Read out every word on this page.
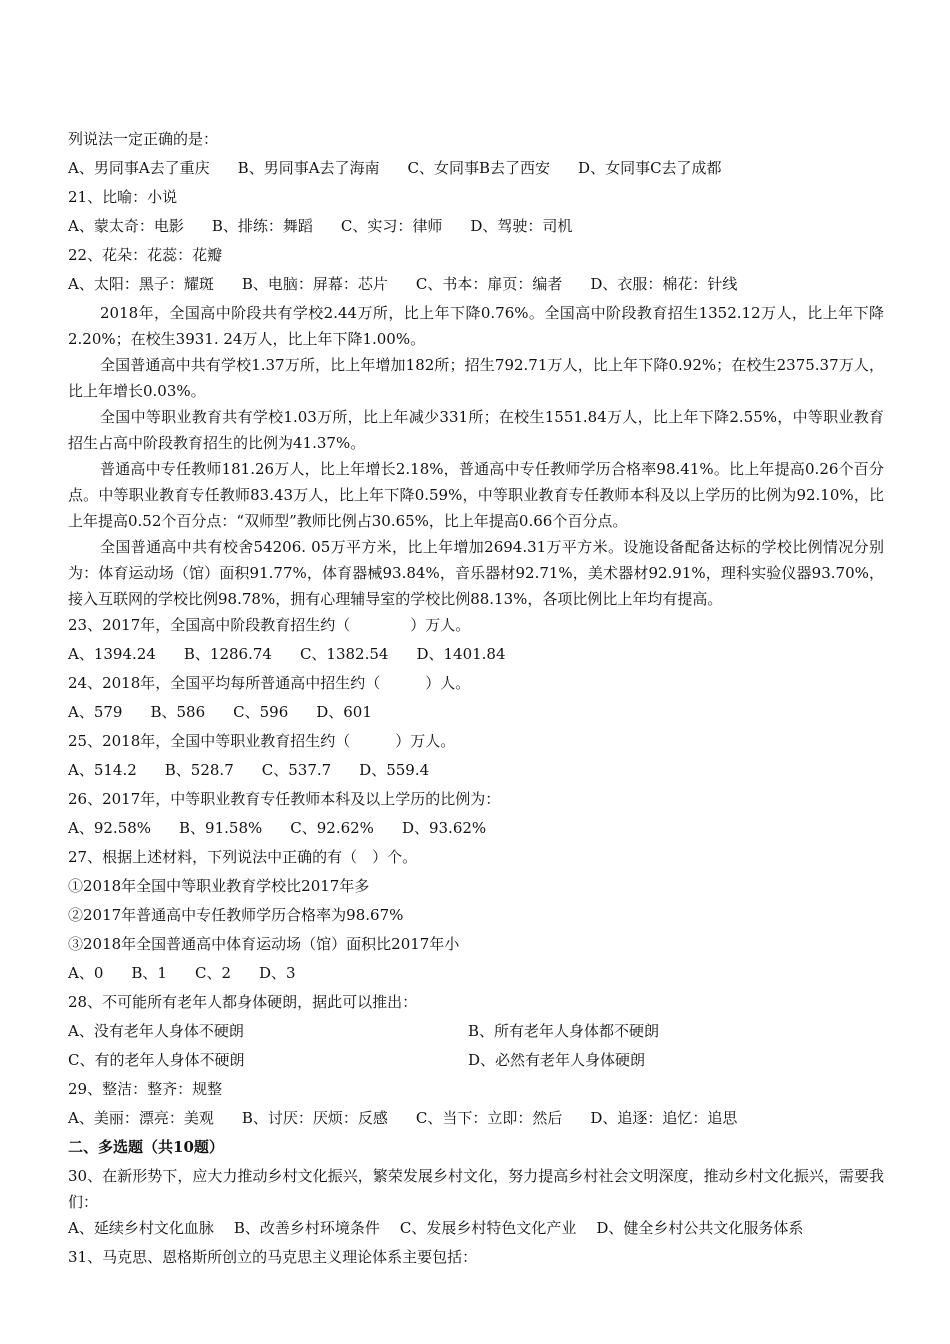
列说法一定正确的是：
A、男同事A去了重庆 B、男同事A去了海南 C、女同事B去了西安 D、女同事C去了成都
21、比喻：小说
A、蒙太奇：电影 B、排练：舞蹈 C、实习：律师 D、驾驶：司机
22、花朵：花蕊：花瓣
A、太阳：黑子：耀斑 B、电脑：屏幕：芯片 C、书本：扉页：编者 D、衣服：棉花：针线
2018年，全国高中阶段共有学校2.44万所，比上年下降0.76%。全国高中阶段教育招生1352.12万人，比上年下降2.20%；在校生3931. 24万人，比上年下降1.00%。
全国普通高中共有学校1.37万所，比上年增加182所；招生792.71万人，比上年下降0.92%；在校生2375.37万人，比上年增长0.03%。
全国中等职业教育共有学校1.03万所，比上年减少331所；在校生1551.84万人，比上年下降2.55%，中等职业教育招生占高中阶段教育招生的比例为41.37%。
普通高中专任教师181.26万人，比上年增长2.18%，普通高中专任教师学历合格率98.41%。比上年提高0.26个百分点。中等职业教育专任教师83.43万人，比上年下降0.59%，中等职业教育专任教师本科及以上学历的比例为92.10%，比上年提高0.52个百分点：“双师型”教师比例占30.65%，比上年提高0.66个百分点。
全国普通高中共有校舍54206. 05万平方米，比上年增加2694.31万平方米。设施设备配备达标的学校比例情况分别为：体育运动场（馆）面积91.77%，体育器械93.84%，音乐器材92.71%，美术器材92.91%，理科实验仪器93.70%，接入互联网的学校比例98.78%，拥有心理辅导室的学校比例88.13%，各项比例比上年均有提高。
23、2017年，全国高中阶段教育招生约（　　　　）万人。
A、1394.24 B、1286.74 C、1382.54 D、1401.84
24、2018年，全国平均每所普通高中招生约（　　　）人。
A、579 B、586 C、596 D、601
25、2018年，全国中等职业教育招生约（　　　）万人。
A、514.2 B、528.7 C、537.7 D、559.4
26、2017年，中等职业教育专任教师本科及以上学历的比例为：
A、92.58% B、91.58% C、92.62% D、93.62%
27、根据上述材料，下列说法中正确的有（　）个。
①2018年全国中等职业教育学校比2017年多
②2017年普通高中专任教师学历合格率为98.67%
③2018年全国普通高中体育运动场（馆）面积比2017年小
A、0 B、1 C、2 D、3
28、不可能所有老年人都身体硬朗，据此可以推出：
A、没有老年人身体不硬朗	B、所有老年人身体都不硬朗
C、有的老年人身体不硬朗	D、必然有老年人身体硬朗
29、整洁：整齐：规整
A、美丽：漂亮：美观 B、讨厌：厌烦：反感 C、当下：立即：然后 D、追逐：追忆：追思
二、多选题（共10题）
30、在新形势下，应大力推动乡村文化振兴，繁荣发展乡村文化，努力提高乡村社会文明深度，推动乡村文化振兴，需要我们：
A、延续乡村文化血脉 B、改善乡村环境条件 C、发展乡村特色文化产业 D、健全乡村公共文化服务体系
31、马克思、恩格斯所创立的马克思主义理论体系主要包括：
